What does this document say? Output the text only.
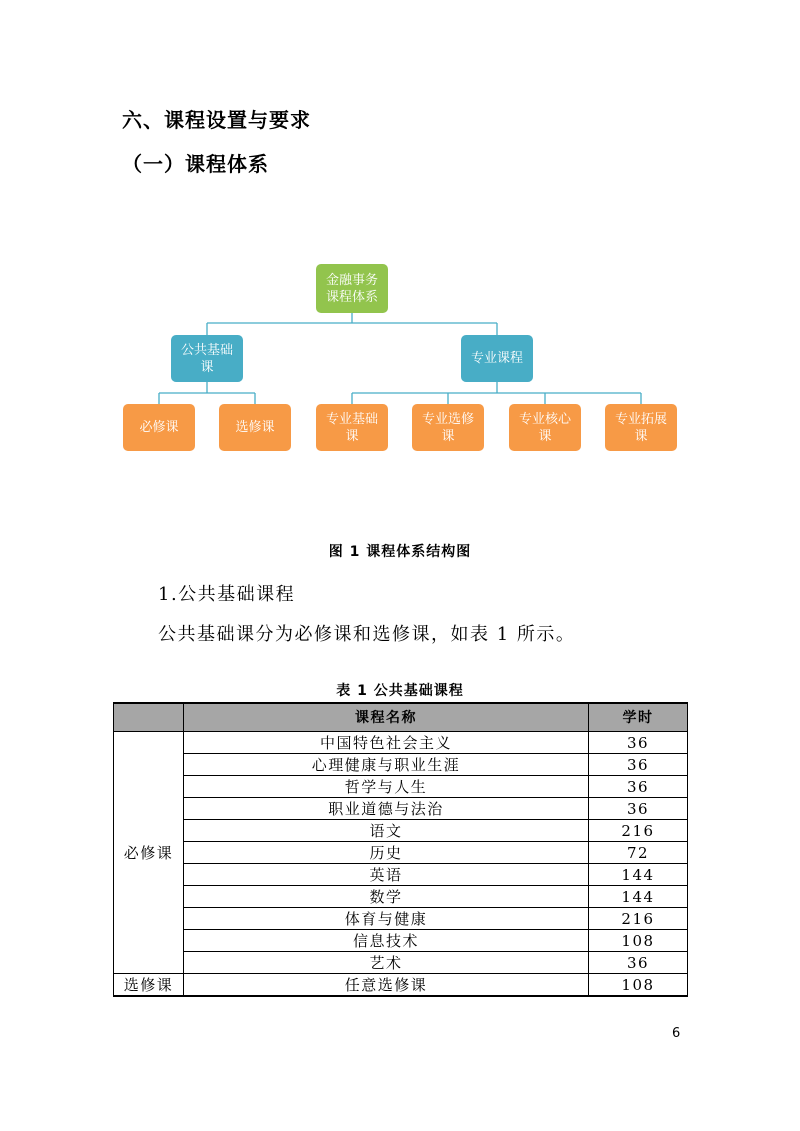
六、课程设置与要求
（一）课程体系
金融事务
课程体系
公共基础
课
专业课程
必修课	选修课
专业基础
课
专业选修
课
专业核心
课
专业拓展
课
图 1 课程体系结构图
1.公共基础课程
公共基础课分为必修课和选修课，如表 1 所示。
表 1 公共基础课程
	课程名称	学时
必修课	中国特色社会主义	36
	心理健康与职业生涯	36
	哲学与人生	36
	职业道德与法治	36
	语文	216
	历史	72
	英语	144
	数学	144
	体育与健康	216
	信息技术	108
	艺术	36
选修课	任意选修课	108
6
